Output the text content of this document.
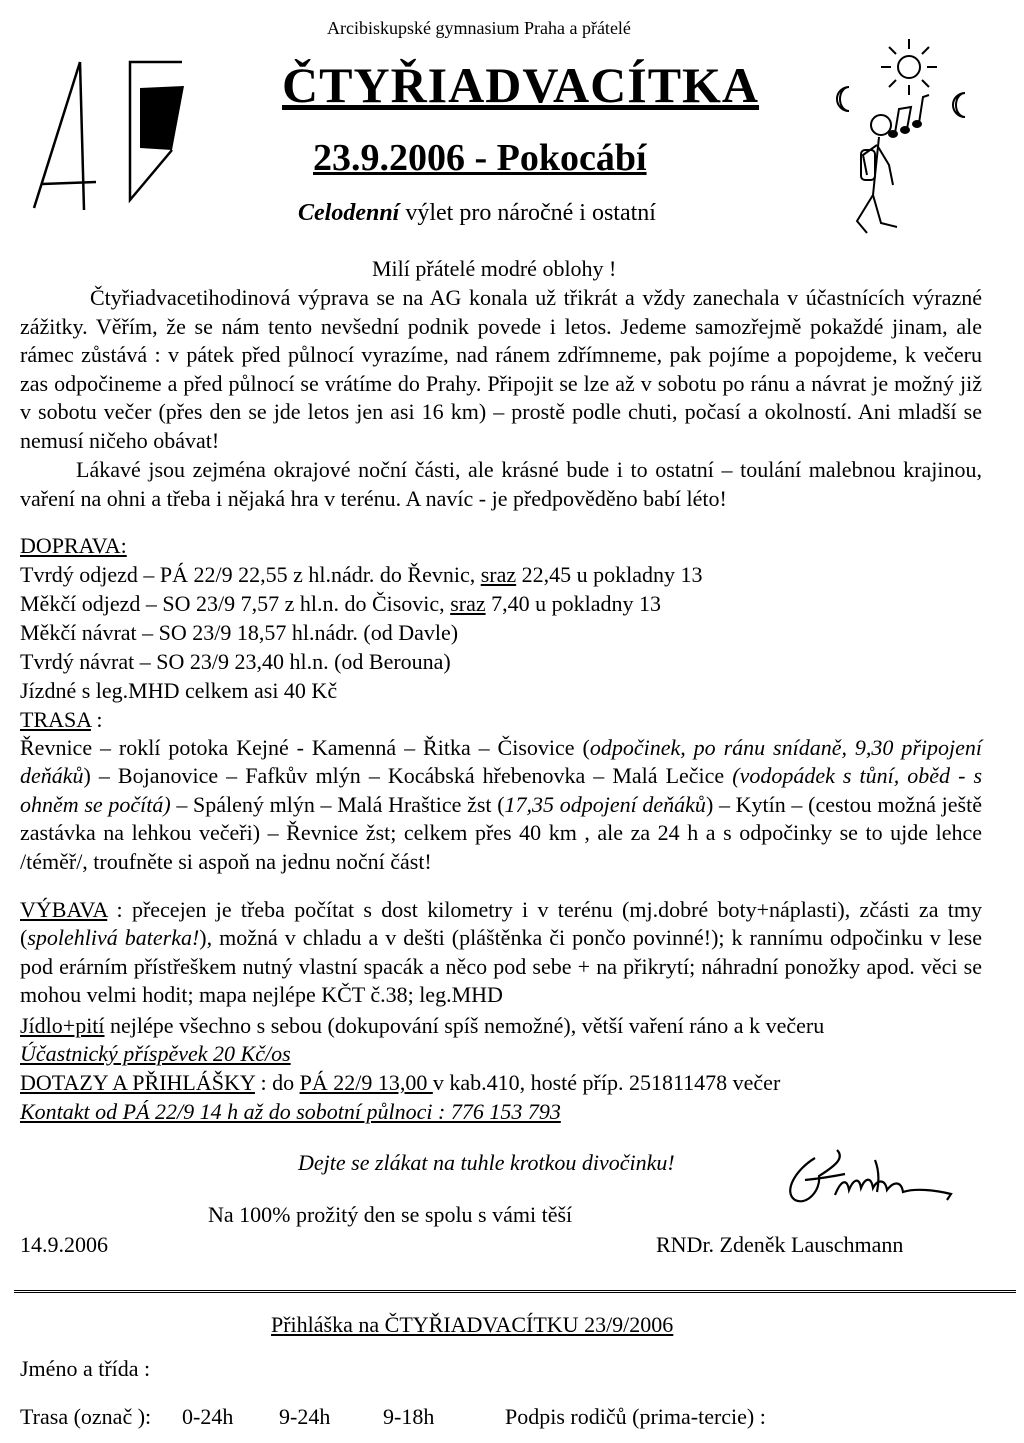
Arcibiskupské gymnasium Praha a přátelé
ČTYŘIADVACÍTKA
23.9.2006 - Pokocábí
Celodenní výlet pro náročné i ostatní
Milí přátelé modré oblohy !
Čtyřiadvacetihodinová výprava se na AG konala už třikrát a vždy zanechala v účastnících výrazné zážitky. Věřím, že se nám tento nevšední podnik povede i letos. Jedeme samozřejmě pokaždé jinam, ale rámec zůstává : v pátek před půlnocí vyrazíme, nad ránem zdřímneme, pak pojíme a popojdeme, k večeru zas odpočineme a před půlnocí se vrátíme do Prahy. Připojit se lze až v sobotu po ránu a návrat je možný již v sobotu večer (přes den se jde letos jen asi 16 km) – prostě podle chuti, počasí a okolností. Ani mladší se nemusí ničeho obávat!
Lákavé jsou zejména okrajové noční části, ale krásné bude i to ostatní – toulání malebnou krajinou, vaření na ohni a třeba i nějaká hra v terénu. A navíc - je předpověděno babí léto!
DOPRAVA:
Tvrdý odjezd – PÁ 22/9 22,55 z hl.nádr. do Řevnic, sraz 22,45 u pokladny 13
Měkčí odjezd – SO 23/9 7,57 z hl.n. do Čisovic, sraz 7,40 u pokladny 13
Měkčí návrat – SO 23/9 18,57 hl.nádr. (od Davle)
Tvrdý návrat – SO 23/9 23,40 hl.n. (od Berouna)
Jízdné s leg.MHD celkem asi 40 Kč
TRASA :
Řevnice – roklí potoka Kejné - Kamenná – Řitka – Čisovice (odpočinek, po ránu snídaně, 9,30 připojení deňáků) – Bojanovice – Fafkův mlýn – Kocábská hřebenovka – Malá Lečice (vodopádek s tůní, oběd - s ohněm se počítá) – Spálený mlýn – Malá Hraštice žst (17,35 odpojení deňáků) – Kytín – (cestou možná ještě zastávka na lehkou večeři) – Řevnice žst; celkem přes 40 km , ale za 24 h a s odpočinky se to ujde lehce /téměř/, troufněte si aspoň na jednu noční část!
VÝBAVA : přecejen je třeba počítat s dost kilometry i v terénu (mj.dobré boty+náplasti), zčásti za tmy (spolehlivá baterka!), možná v chladu a v dešti (pláštěnka či pončo povinné!); k rannímu odpočinku v lese pod erárním přístřeškem nutný vlastní spacák a něco pod sebe + na přikrytí; náhradní ponožky apod. věci se mohou velmi hodit; mapa nejlépe KČT č.38; leg.MHD
Jídlo+pití nejlépe všechno s sebou (dokupování spíš nemožné), větší vaření ráno a k večeru
Účastnický příspěvek 20 Kč/os
DOTAZY A PŘIHLÁŠKY : do PÁ 22/9 13,00 v kab.410, hosté příp. 251811478 večer
Kontakt od PÁ 22/9 14 h až do sobotní půlnoci : 776 153 793
Dejte se zlákat na tuhle krotkou divočinku!
Na 100% prožitý den se spolu s vámi těší
14.9.2006	RNDr. Zdeněk Lauschmann
Přihláška na ČTYŘIADVACÍTKU 23/9/2006
Jméno a třída :
Trasa (označ ): 0-24h 9-24h 9-18h	Podpis rodičů (prima-tercie) :
